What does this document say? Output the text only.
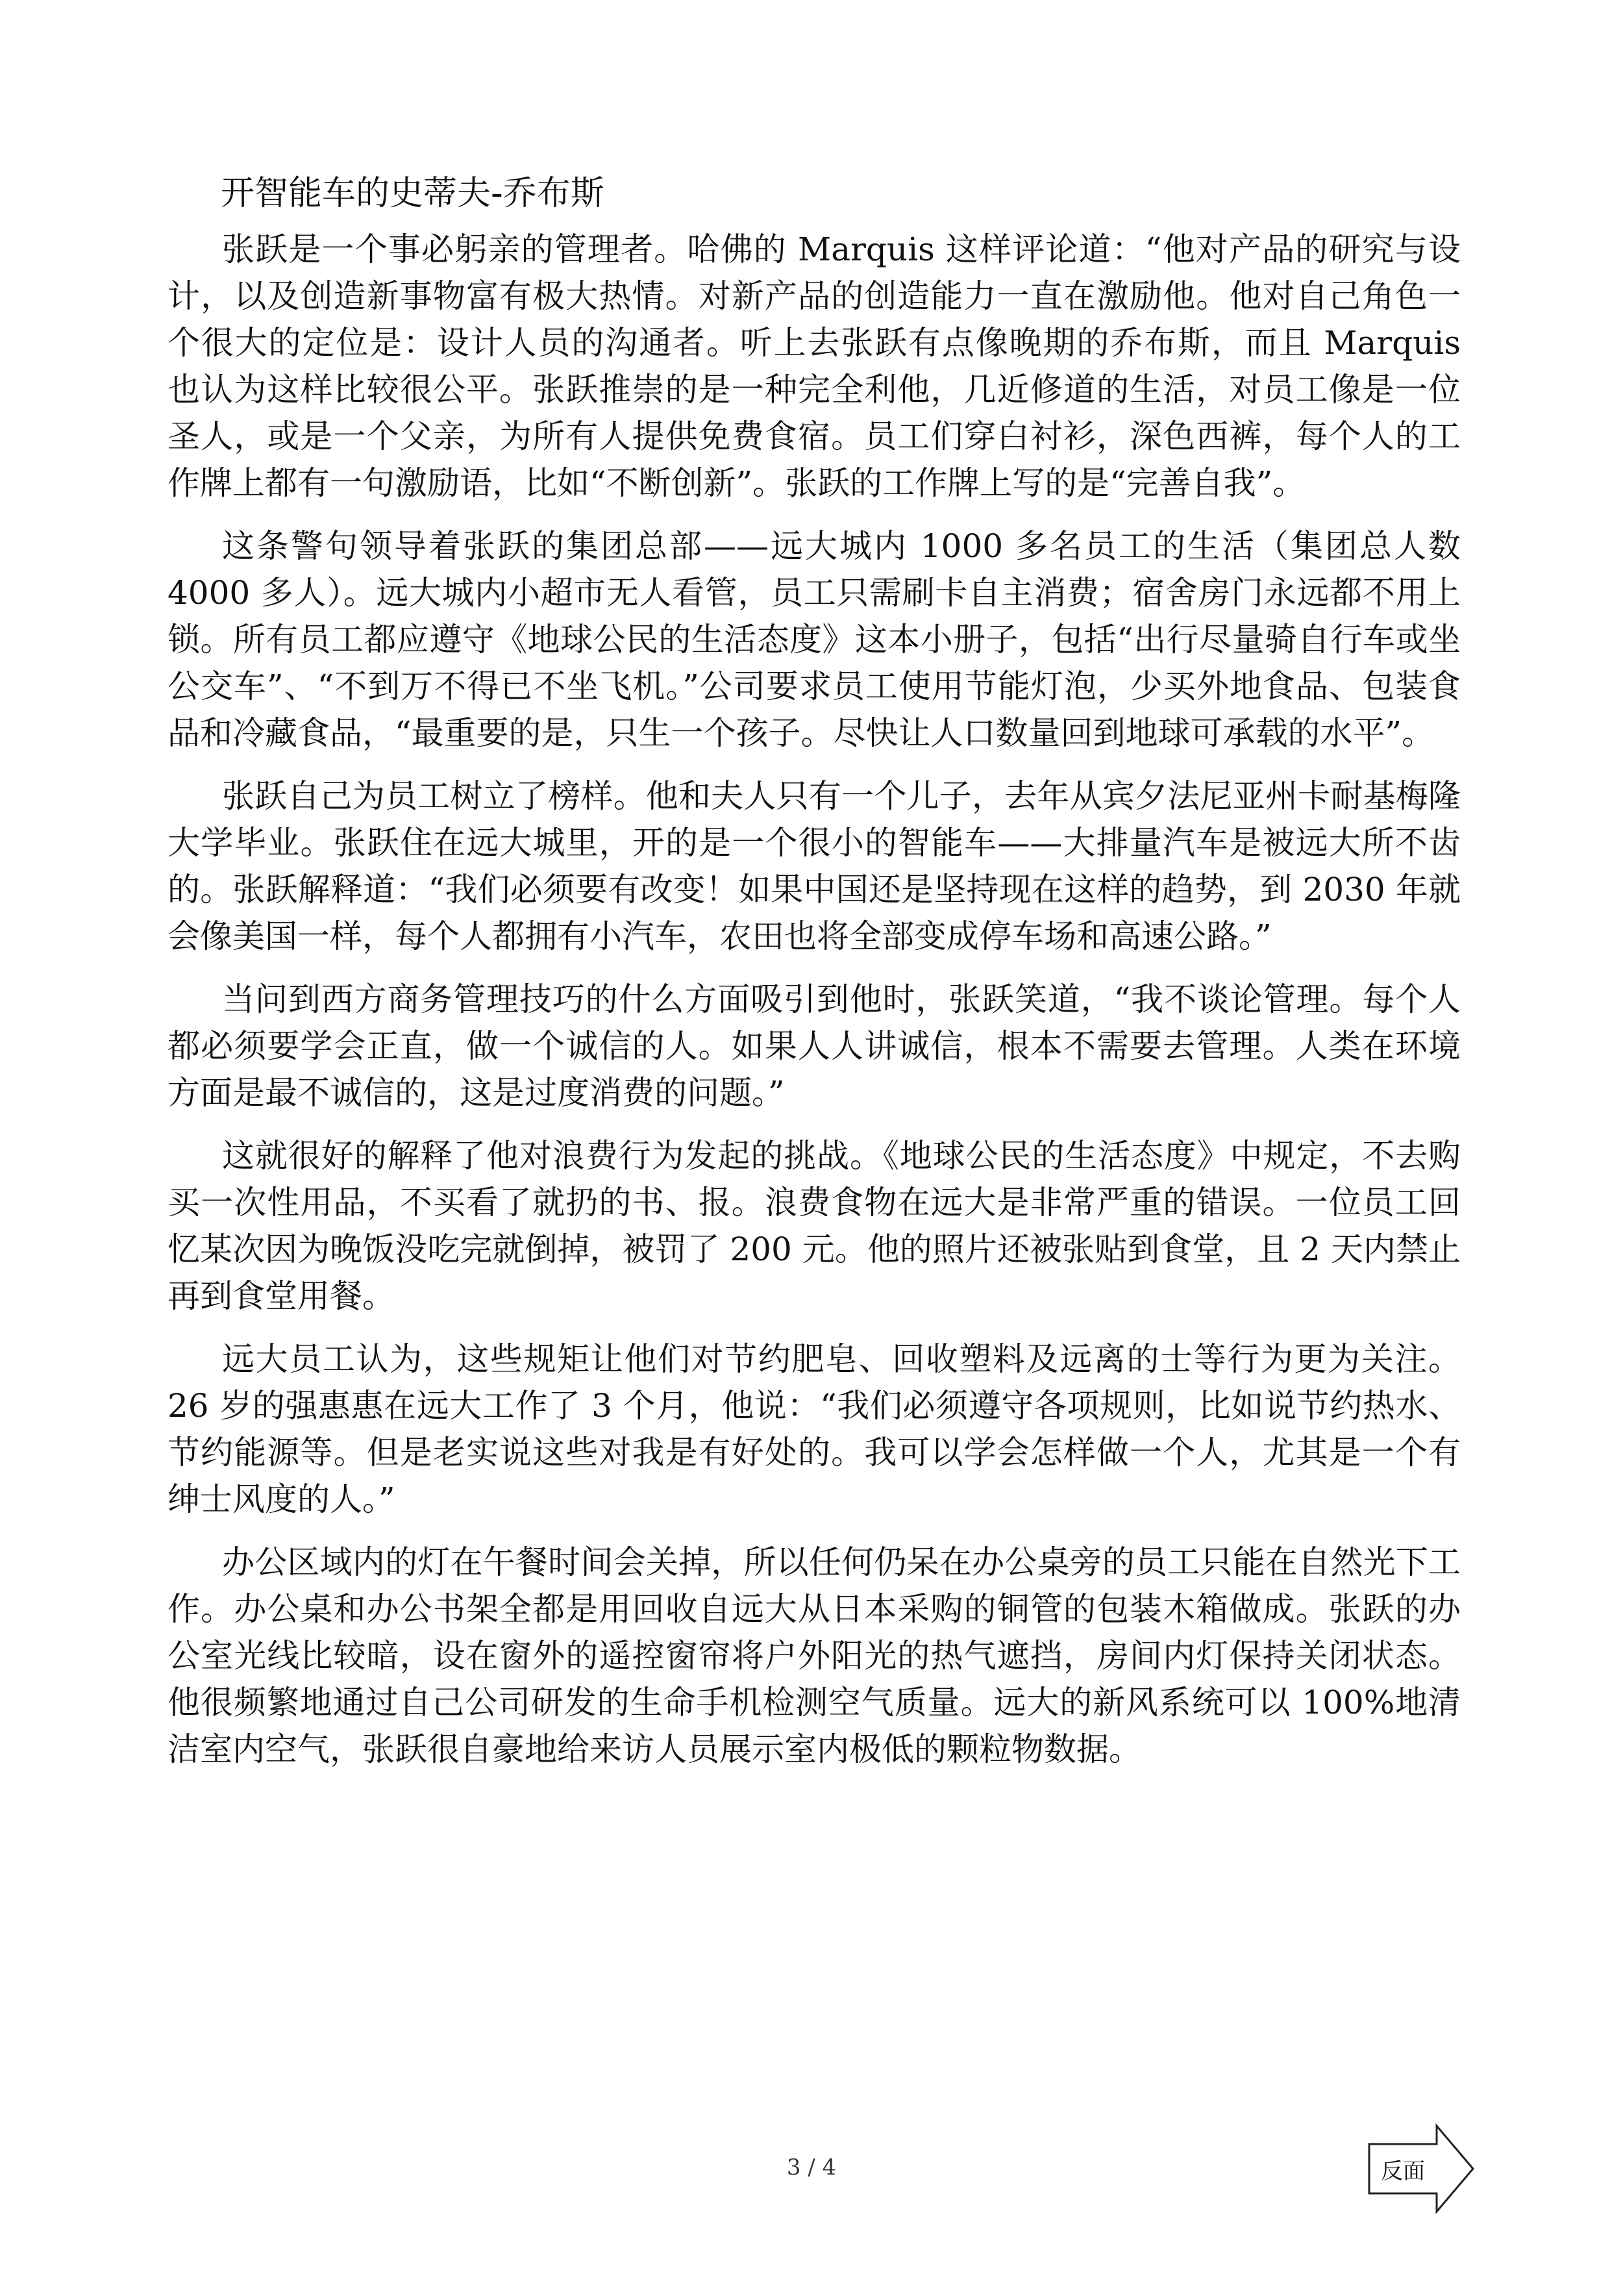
开智能车的史蒂夫-乔布斯

张跃是一个事必躬亲的管理者。哈佛的 Marquis 这样评论道：“他对产品的研究与设计，以及创造新事物富有极大热情。对新产品的创造能力一直在激励他。他对自己角色一个很大的定位是：设计人员的沟通者。听上去张跃有点像晚期的乔布斯，而且 Marquis 也认为这样比较很公平。张跃推崇的是一种完全利他，几近修道的生活，对员工像是一位圣人，或是一个父亲，为所有人提供免费食宿。员工们穿白衬衫，深色西裤，每个人的工作牌上都有一句激励语，比如“不断创新”。张跃的工作牌上写的是“完善自我”。

这条警句领导着张跃的集团总部——远大城内 1000 多名员工的生活（集团总人数 4000 多人）。远大城内小超市无人看管，员工只需刷卡自主消费；宿舍房门永远都不用上锁。所有员工都应遵守《地球公民的生活态度》这本小册子，包括“出行尽量骑自行车或坐公交车”、“不到万不得已不坐飞机。”公司要求员工使用节能灯泡，少买外地食品、包装食品和冷藏食品，“最重要的是，只生一个孩子。尽快让人口数量回到地球可承载的水平”。

张跃自己为员工树立了榜样。他和夫人只有一个儿子，去年从宾夕法尼亚州卡耐基梅隆大学毕业。张跃住在远大城里，开的是一个很小的智能车——大排量汽车是被远大所不齿的。张跃解释道：“我们必须要有改变！如果中国还是坚持现在这样的趋势，到 2030 年就会像美国一样，每个人都拥有小汽车，农田也将全部变成停车场和高速公路。”

当问到西方商务管理技巧的什么方面吸引到他时，张跃笑道，“我不谈论管理。每个人都必须要学会正直，做一个诚信的人。如果人人讲诚信，根本不需要去管理。人类在环境方面是最不诚信的，这是过度消费的问题。”

这就很好的解释了他对浪费行为发起的挑战。《地球公民的生活态度》中规定，不去购买一次性用品，不买看了就扔的书、报。浪费食物在远大是非常严重的错误。一位员工回忆某次因为晚饭没吃完就倒掉，被罚了 200 元。他的照片还被张贴到食堂，且 2 天内禁止再到食堂用餐。

远大员工认为，这些规矩让他们对节约肥皂、回收塑料及远离的士等行为更为关注。26 岁的强惠惠在远大工作了 3 个月，他说：“我们必须遵守各项规则，比如说节约热水、节约能源等。但是老实说这些对我是有好处的。我可以学会怎样做一个人，尤其是一个有绅士风度的人。”

办公区域内的灯在午餐时间会关掉，所以任何仍呆在办公桌旁的员工只能在自然光下工作。办公桌和办公书架全都是用回收自远大从日本采购的铜管的包装木箱做成。张跃的办公室光线比较暗，设在窗外的遥控窗帘将户外阳光的热气遮挡，房间内灯保持关闭状态。他很频繁地通过自己公司研发的生命手机检测空气质量。远大的新风系统可以 100%地清洁室内空气，张跃很自豪地给来访人员展示室内极低的颗粒物数据。

3 / 4	反面
